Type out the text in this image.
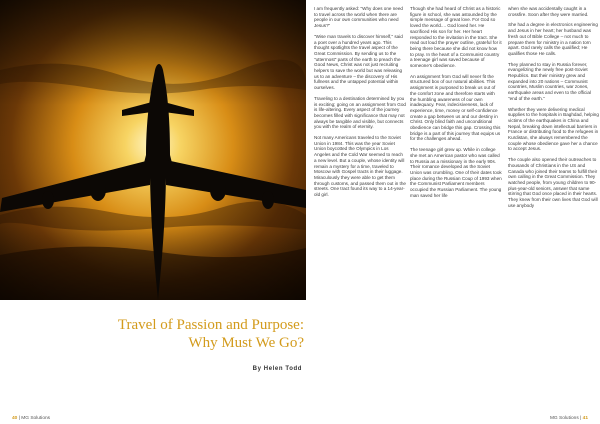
Travel of Passion and Purpose:
Why Must We Go?
By Helen Todd

I am frequently asked: "Why does one need to travel across the world when there are people in our own communities who need Jesus?"

"Wise man travels to discover himself," said a poet over a hundred years ago. This thought spotlights the travel aspect of the Great Commission. By sending us to the "uttermost" parts of the earth to preach the Good News, Christ was not just recruiting helpers to save the world but was releasing us to an adventure – the discovery of His fullness and the untapped potential within ourselves.

Traveling to a destination determined by you is exciting; going on an assignment from God is life-altering. Every aspect of the journey becomes filled with significance that may not always be tangible and visible, but connects you with the realm of eternity.

Not many Americans traveled to the Soviet Union in 1984. This was the year Soviet Union boycotted the Olympics in Los Angeles and the Cold War seemed to reach a new level. But a couple, whose identity will remain a mystery for a time, traveled to Moscow with Gospel tracts in their luggage. Miraculously they were able to get them through customs, and passed them out in the streets. One tract found its way to a 14-year-old girl.

Though she had heard of Christ as a historic figure in school, she was astounded by the simple message of great love. For God so loved the world.... God loved her. He sacrificed His son for her. Her heart responded to the invitation in the tract. She read out loud the prayer outline, grateful for it being there because she did not know how to pray. In the heart of a Communist country a teenage girl was saved because of someone's obedience.

An assignment from God will never fit the structured box of our natural abilities. This assignment is purposed to break us out of the comfort zone and therefore starts with the humbling awareness of our own inadequacy. Fear, indecisiveness, lack of experience, time, money or self-confidence create a gap between us and our destiny in Christ. Only blind faith and unconditional obedience can bridge this gap. Crossing this bridge is a part of this journey that equips us for the challenges ahead.

The teenage girl grew up. While in college she met an American pastor who was called to Russia as a missionary in the early 90s. Their romance developed as the Soviet Union was crumbling. One of their dates took place during the Russian Coup of 1993 when the Communist Parliament members occupied the Russian Parliament. The young man saved her life

when she was accidentally caught in a crossfire. Soon after they were married.

She had a degree in electronics engineering and Jesus in her heart; her husband was fresh out of Bible College – not much to prepare them for ministry in a nation torn apart. God rarely calls the qualified; He qualifies those He calls.

They planned to stay in Russia forever, evangelizing the newly free post-Soviet Republics. But their ministry grew and expanded into 20 nations – Communist countries, Muslim countries, war zones, earthquake areas and even to the official "end of the earth."

Whether they were delivering medical supplies to the hospitals in Baghdad, helping victims of the earthquakes in China and Nepal, breaking down intellectual barriers in France or distributing food to the refugees in Kurdistan, she always remembered the couple whose obedience gave her a chance to accept Jesus.

The couple also opened their outreaches to thousands of Christians in the US and Canada who joined their teams to fulfill their own calling in the Great Commission. They watched people, from young children to 90-plus-year-old seniors, answer that same stirring that God once placed in their hearts. They knew from their own lives that God will use anybody

40 | MG Solutions	MG Solutions | 41
